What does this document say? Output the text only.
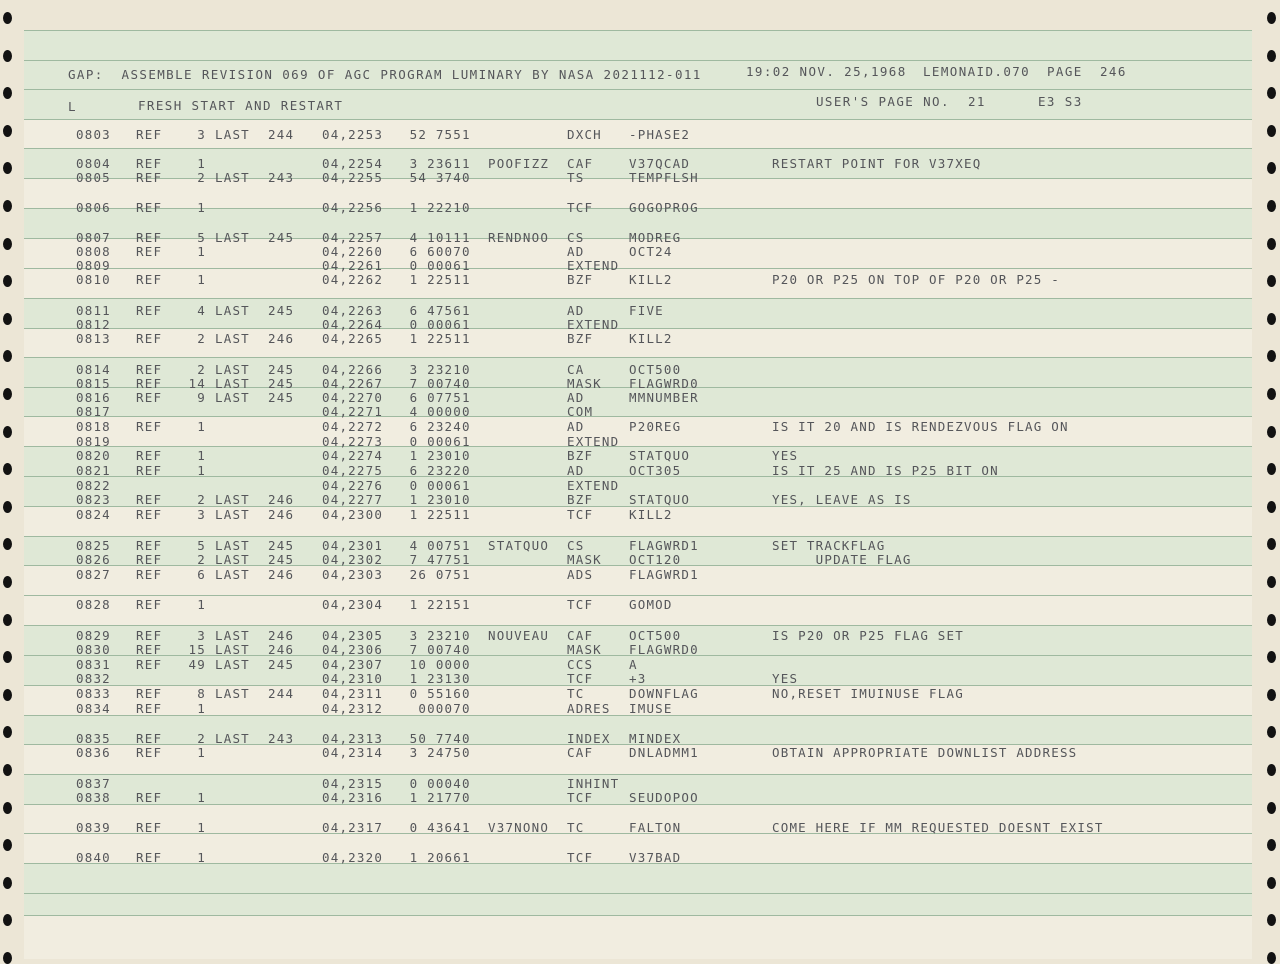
GAP:  ASSEMBLE REVISION 069 OF AGC PROGRAM LUMINARY BY NASA 2021112-011	19:02 NOV. 25,1968 LEMONAID.070 PAGE 246
L	FRESH START AND RESTART	USER'S PAGE NO. 21	E3 S3
0803 REF	3 LAST 244 04,2253 52 755 1	DXCH -PHASE2
0804 REF	1	04,2254 3 2361 1 POOFIZZ CAF	V37QCAD	RESTART POINT FOR V37XEQ
0805 REF	2 LAST 243 04,2255 54 374 0	TS	TEMPFLSH
0806 REF	1	04,2256 1 2221 0	TCF	GOGOPROG
0807 REF	5 LAST 245 04,2257 4 1011 1 RENDNOO CS	MODREG
0808 REF	1	04,2260 6 6007 0	AD	OCT24
0809	04,2261 0 0006 1	EXTEND
0810 REF	1	04,2262 1 2251 1	BZF	KILL2	P20 OR P25 ON TOP OF P20 OR P25 -
0811 REF	4 LAST 245 04,2263 6 4756 1	AD	FIVE
0812	04,2264 0 0006 1	EXTEND
0813 REF	2 LAST 246 04,2265 1 2251 1	BZF	KILL2
0814 REF	2 LAST 245 04,2266 3 2321 0	CA	OCT500
0815 REF 14 LAST 245 04,2267 7 0074 0	MASK FLAGWRD0
0816 REF	9 LAST 245 04,2270 6 0775 1	AD	MMNUMBER
0817	04,2271 4 0000 0	COM
0818 REF	1	04,2272 6 2324 0	AD	P20REG	IS IT 20 AND IS RENDEZVOUS FLAG ON
0819	04,2273 0 0006 1	EXTEND
0820 REF	1	04,2274 1 2301 0	BZF	STATQUO	YES
0821 REF	1	04,2275 6 2322 0	AD	OCT305	IS IT 25 AND IS P25 BIT ON
0822	04,2276 0 0006 1	EXTEND
0823 REF	2 LAST 246 04,2277 1 2301 0	BZF	STATQUO	YES, LEAVE AS IS
0824 REF	3 LAST 246 04,2300 1 2251 1	TCF	KILL2
0825 REF	5 LAST 245 04,2301 4 0075 1 STATQUO CS	FLAGWRD1	SET TRACKFLAG
0826 REF	2 LAST 245 04,2302 7 4775 1	MASK OCT120	UPDATE FLAG
0827 REF	6 LAST 246 04,2303 26 075 1	ADS	FLAGWRD1
0828 REF	1	04,2304 1 2215 1	TCF	GOMOD
0829 REF	3 LAST 246 04,2305 3 2321 0 NOUVEAU CAF	OCT500	IS P20 OR P25 FLAG SET
0830 REF 15 LAST 246 04,2306 7 0074 0	MASK FLAGWRD0
0831 REF 49 LAST 245 04,2307 10 000 0	CCS	A
0832	04,2310 1 2313 0	TCF	+3	YES
0833 REF	8 LAST 244 04,2311 0 5516 0	TC	DOWNFLAG	NO,RESET IMUINUSE FLAG
0834 REF	1	04,2312	00007 0	ADRES IMUSE
0835 REF	2 LAST 243 04,2313 50 774 0	INDEX MINDEX
0836 REF	1	04,2314 3 2475 0	CAF	DNLADMM1	OBTAIN APPROPRIATE DOWNLIST ADDRESS
0837	04,2315 0 0004 0	INHINT
0838 REF	1	04,2316 1 2177 0	TCF	SEUDOPOO
0839 REF	1	04,2317 0 4364 1 V37NONO TC	FALTON	COME HERE IF MM REQUESTED DOESNT EXIST
0840 REF	1	04,2320 1 2066 1	TCF	V37BAD
